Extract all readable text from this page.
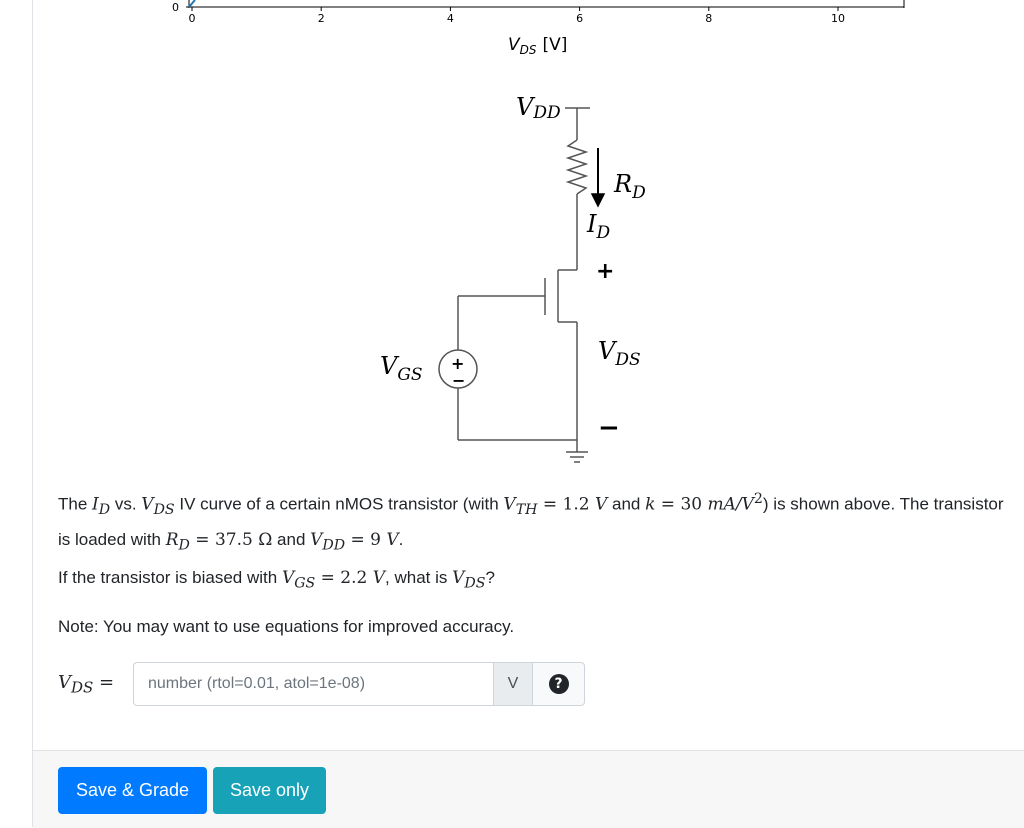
0
0	2	4	6	8	10
$V_{DS}$ [V]
VDD
$R_D$
$I_D$
$V_{DS}$
$V_{GS}$
+
−
+
−
The $I_D$ vs. $V_{DS}$ IV curve of a certain nMOS transistor (with $V_{TH} = 1.2$ V and k = 30 $mA/V^2$) is shown above. The transistor is loaded with $R_D = 37.5$ Ω and $V_{DD} = 9$ V.
If the transistor is biased with $V_{GS} = 2.2$ V, what is $V_{DS}$?
Note: You may want to use equations for improved accuracy.
$V_{DS}$ =
number (rtol=0.01, atol=1e-08)	V	?
Save & Grade	Save only
